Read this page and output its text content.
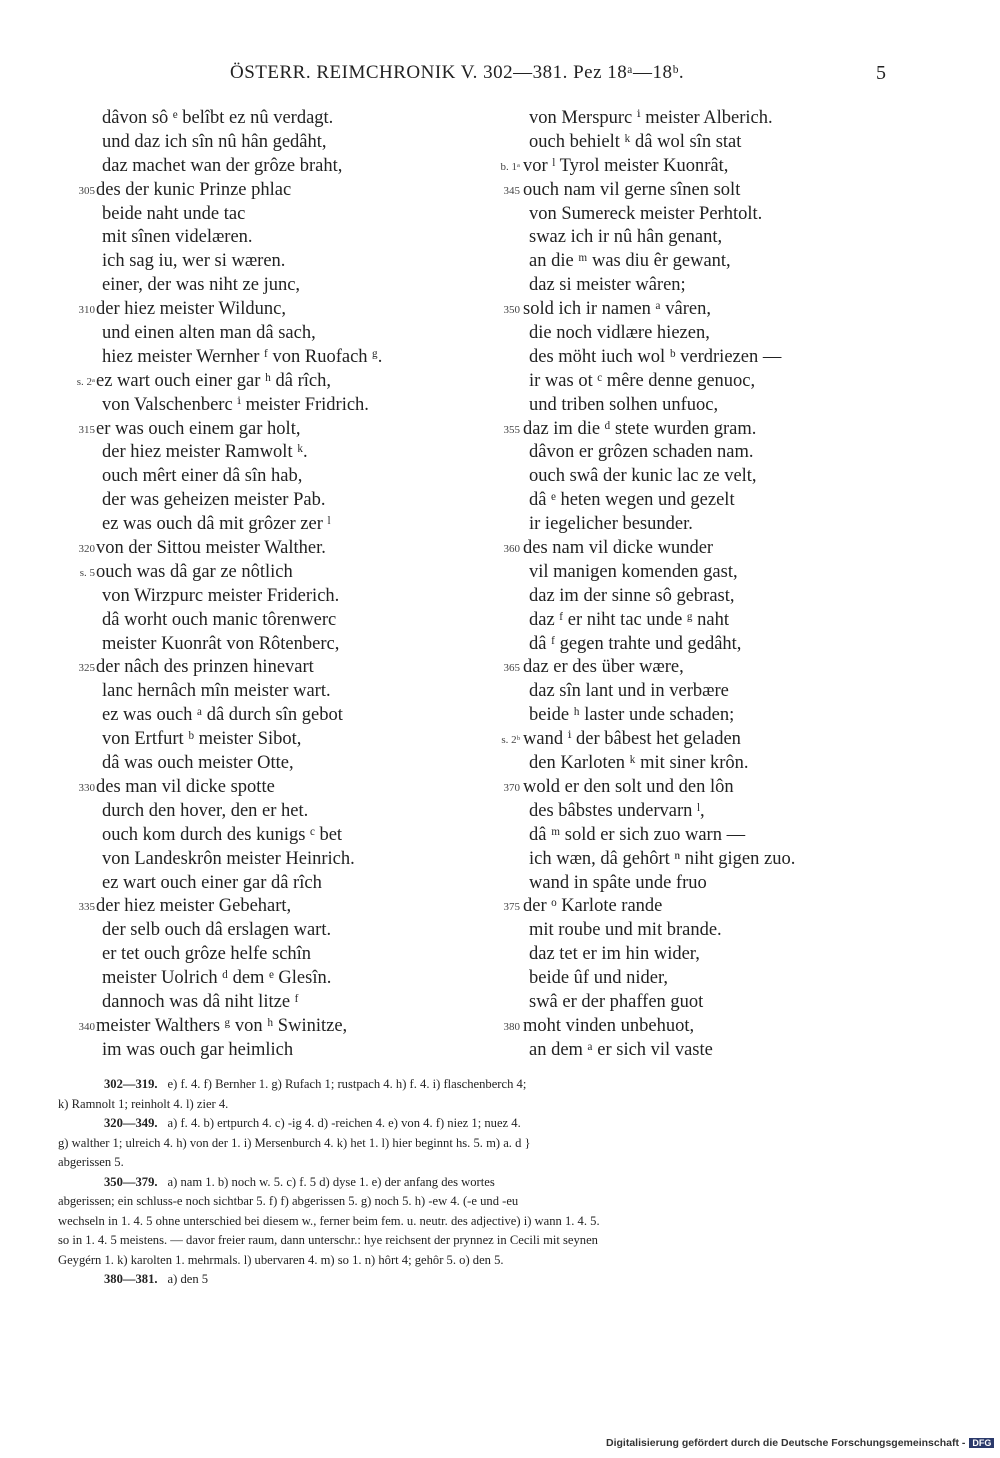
ÖSTERR. REIMCHRONIK V. 302—381. Pez 18ᵃ—18ᵇ.	5
dâvon sô ᵉ belîbt ez nû verdagt.
und daz ich sîn nû hân gedâht,
daz machet wan der grôze braht,
305 des der kunic Prinze phlac
beide naht unde tac
mit sînen videlæren.
ich sag iu, wer si wæren.
einer, der was niht ze junc,
310 der hiez meister Wildunc,
und einen alten man dâ sach,
hiez meister Wernher ᶠ von Ruofach ᵍ.
s. 2ᵃ ez wart ouch einer gar ʰ dâ rîch,
von Valschenberc ⁱ meister Fridrich.
315 er was ouch einem gar holt,
der hiez meister Ramwolt ᵏ.
ouch mêrt einer dâ sîn hab,
der was geheizen meister Pab.
ez was ouch dâ mit grôzer zer ˡ
320 von der Sittou meister Walther.
s. 5 ouch was dâ gar ze nôtlich
von Wirzpurc meister Friderich.
dâ worht ouch manic tôrenwerc
meister Kuonrât von Rôtenberc,
325 der nâch des prinzen hinevart
lanc hernâch mîn meister wart.
ez was ouch ᵃ dâ durch sîn gebot
von Ertfurt ᵇ meister Sibot,
dâ was ouch meister Otte,
330 des man vil dicke spotte
durch den hover, den er het.
ouch kom durch des kunigs ᶜ bet
von Landeskrôn meister Heinrich.
ez wart ouch einer gar dâ rîch
335 der hiez meister Gebehart,
der selb ouch dâ erslagen wart.
er tet ouch grôze helfe schîn
meister Uolrich ᵈ dem ᵉ Glesîn.
dannoch was dâ niht litze ᶠ
340 meister Walthers ᵍ von ʰ Swinitze,
im was ouch gar heimlich
von Merspurc ⁱ meister Alberich.
ouch behielt ᵏ dâ wol sîn stat
b. 1ᵃ vor ˡ Tyrol meister Kuonrât,
345 ouch nam vil gerne sînen solt
von Sumereck meister Perhtolt.
swaz ich ir nû hân genant,
an die ᵐ was diu êr gewant,
daz si meister wâren;
350 sold ich ir namen ᵃ vâren,
die noch vidlære hiezen,
des möht iuch wol ᵇ verdriezen —
ir was ot ᶜ mêre denne genuoc,
und triben solhen unfuoc,
355 daz im die ᵈ stete wurden gram.
dâvon er grôzen schaden nam.
ouch swâ der kunic lac ze velt,
dâ ᵉ heten wegen und gezelt
ir iegelicher besunder.
360 des nam vil dicke wunder
vil manigen komenden gast,
daz im der sinne sô gebrast,
daz ᶠ er niht tac unde ᵍ naht
dâ ᶠ gegen trahte und gedâht,
365 daz er des über wære,
daz sîn lant und in verbære
beide ʰ laster unde schaden;
s. 2ᵇ wand ⁱ der bâbest het geladen
den Karloten ᵏ mit siner krôn.
370 wold er den solt und den lôn
des bâbstes undervarn ˡ,
dâ ᵐ sold er sich zuo warn —
ich wæn, dâ gehôrt ⁿ niht gigen zuo.
wand in spâte unde fruo
375 der ᵒ Karlote rande
mit roube und mit brande.
daz tet er im hin wider,
beide ûf und nider,
swâ er der phaffen guot
380 moht vinden unbehuot,
an dem ᵃ er sich vil vaste
302—319. e) f. 4. f) Bernher 1. g) Rufach 1; rustpach 4. h) f. 4. i) flaschenberch 4;
k) Ramnolt 1; reinholt 4. l) zier 4.
320—349. a) f. 4. b) ertpurch 4. c) -ig 4. d) -reichen 4. e) von 4. f) niez 1; nuez 4.
g) walther 1; ulreich 4. h) von der 1. i) Mersenburch 4. k) het 1. l) hier beginnt hs. 5. m) a. d }
abgerissen 5.
350—379. a) nam 1. b) noch w. 5. c) f. 5 d) dyse 1. e) der anfang des wortes
abgerissen; ein schluss-e noch sichtbar 5. f) f) abgerissen 5. g) noch 5. h) -ew 4. (-e und -eu
wechseln in 1. 4. 5 ohne unterschied bei diesem w., ferner beim fem. u. neutr. des adjective) i) wann 1. 4. 5.
so in 1. 4. 5 meistens. — davor freier raum, dann unterschr.: hye reichsent der prynnez in Cecili mit seynen
Geygérn 1. k) karolten 1. mehrmals. l) ubervaren 4. m) so 1. n) hôrt 4; gehôr 5. o) den 5.
380—381. a) den 5
Digitalisierung gefördert durch die Deutsche Forschungsgemeinschaft - DFG
